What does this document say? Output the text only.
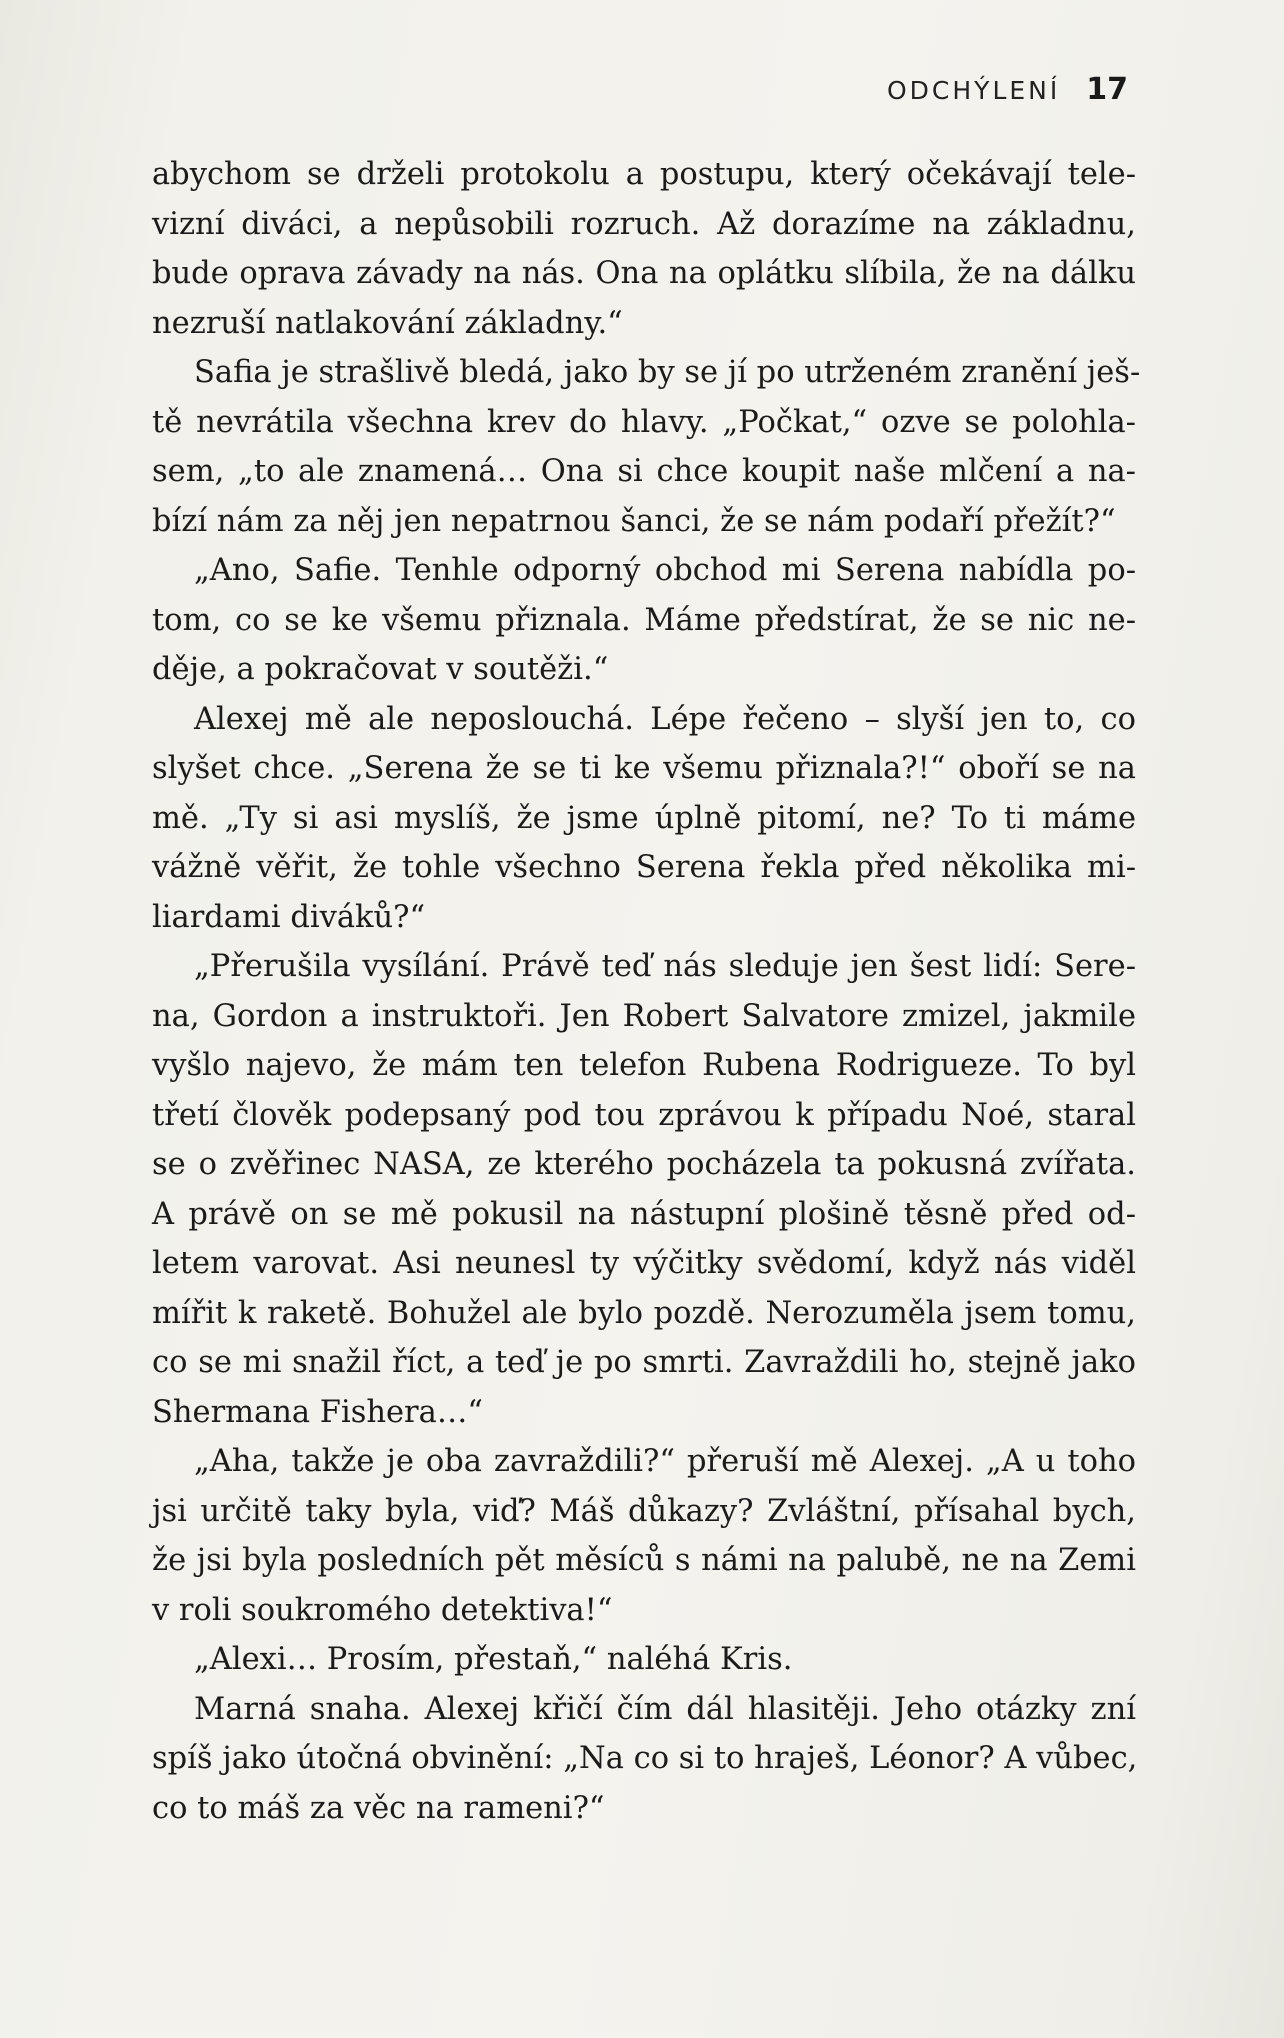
ODCHÝLENÍ 17
abychom se drželi protokolu a postupu, který očekávají tele-
vizní diváci, a nepůsobili rozruch. Až dorazíme na základnu,
bude oprava závady na nás. Ona na oplátku slíbila, že na dálku
nezruší natlakování základny.“
Safia je strašlivě bledá, jako by se jí po utrženém zranění ješ-
tě nevrátila všechna krev do hlavy. „Počkat,“ ozve se polohla-
sem, „to ale znamená… Ona si chce koupit naše mlčení a na-
bízí nám za něj jen nepatrnou šanci, že se nám podaří přežít?“
„Ano, Safie. Tenhle odporný obchod mi Serena nabídla po-
tom, co se ke všemu přiznala. Máme předstírat, že se nic ne-
děje, a pokračovat v soutěži.“
Alexej mě ale neposlouchá. Lépe řečeno – slyší jen to, co
slyšet chce. „Serena že se ti ke všemu přiznala?!“ oboří se na
mě. „Ty si asi myslíš, že jsme úplně pitomí, ne? To ti máme
vážně věřit, že tohle všechno Serena řekla před několika mi-
liardami diváků?“
„Přerušila vysílání. Právě teď nás sleduje jen šest lidí: Sere-
na, Gordon a instruktoři. Jen Robert Salvatore zmizel, jakmile
vyšlo najevo, že mám ten telefon Rubena Rodrigueze. To byl
třetí člověk podepsaný pod tou zprávou k případu Noé, staral
se o zvěřinec NASA, ze kterého pocházela ta pokusná zvířata.
A právě on se mě pokusil na nástupní plošině těsně před od-
letem varovat. Asi neunesl ty výčitky svědomí, když nás viděl
mířit k raketě. Bohužel ale bylo pozdě. Nerozuměla jsem tomu,
co se mi snažil říct, a teď je po smrti. Zavraždili ho, stejně jako
Shermana Fishera…“
„Aha, takže je oba zavraždili?“ přeruší mě Alexej. „A u toho
jsi určitě taky byla, viď? Máš důkazy? Zvláštní, přísahal bych,
že jsi byla posledních pět měsíců s námi na palubě, ne na Zemi
v roli soukromého detektiva!“
„Alexi… Prosím, přestaň,“ naléhá Kris.
Marná snaha. Alexej křičí čím dál hlasitěji. Jeho otázky zní
spíš jako útočná obvinění: „Na co si to hraješ, Léonor? A vůbec,
co to máš za věc na rameni?“
